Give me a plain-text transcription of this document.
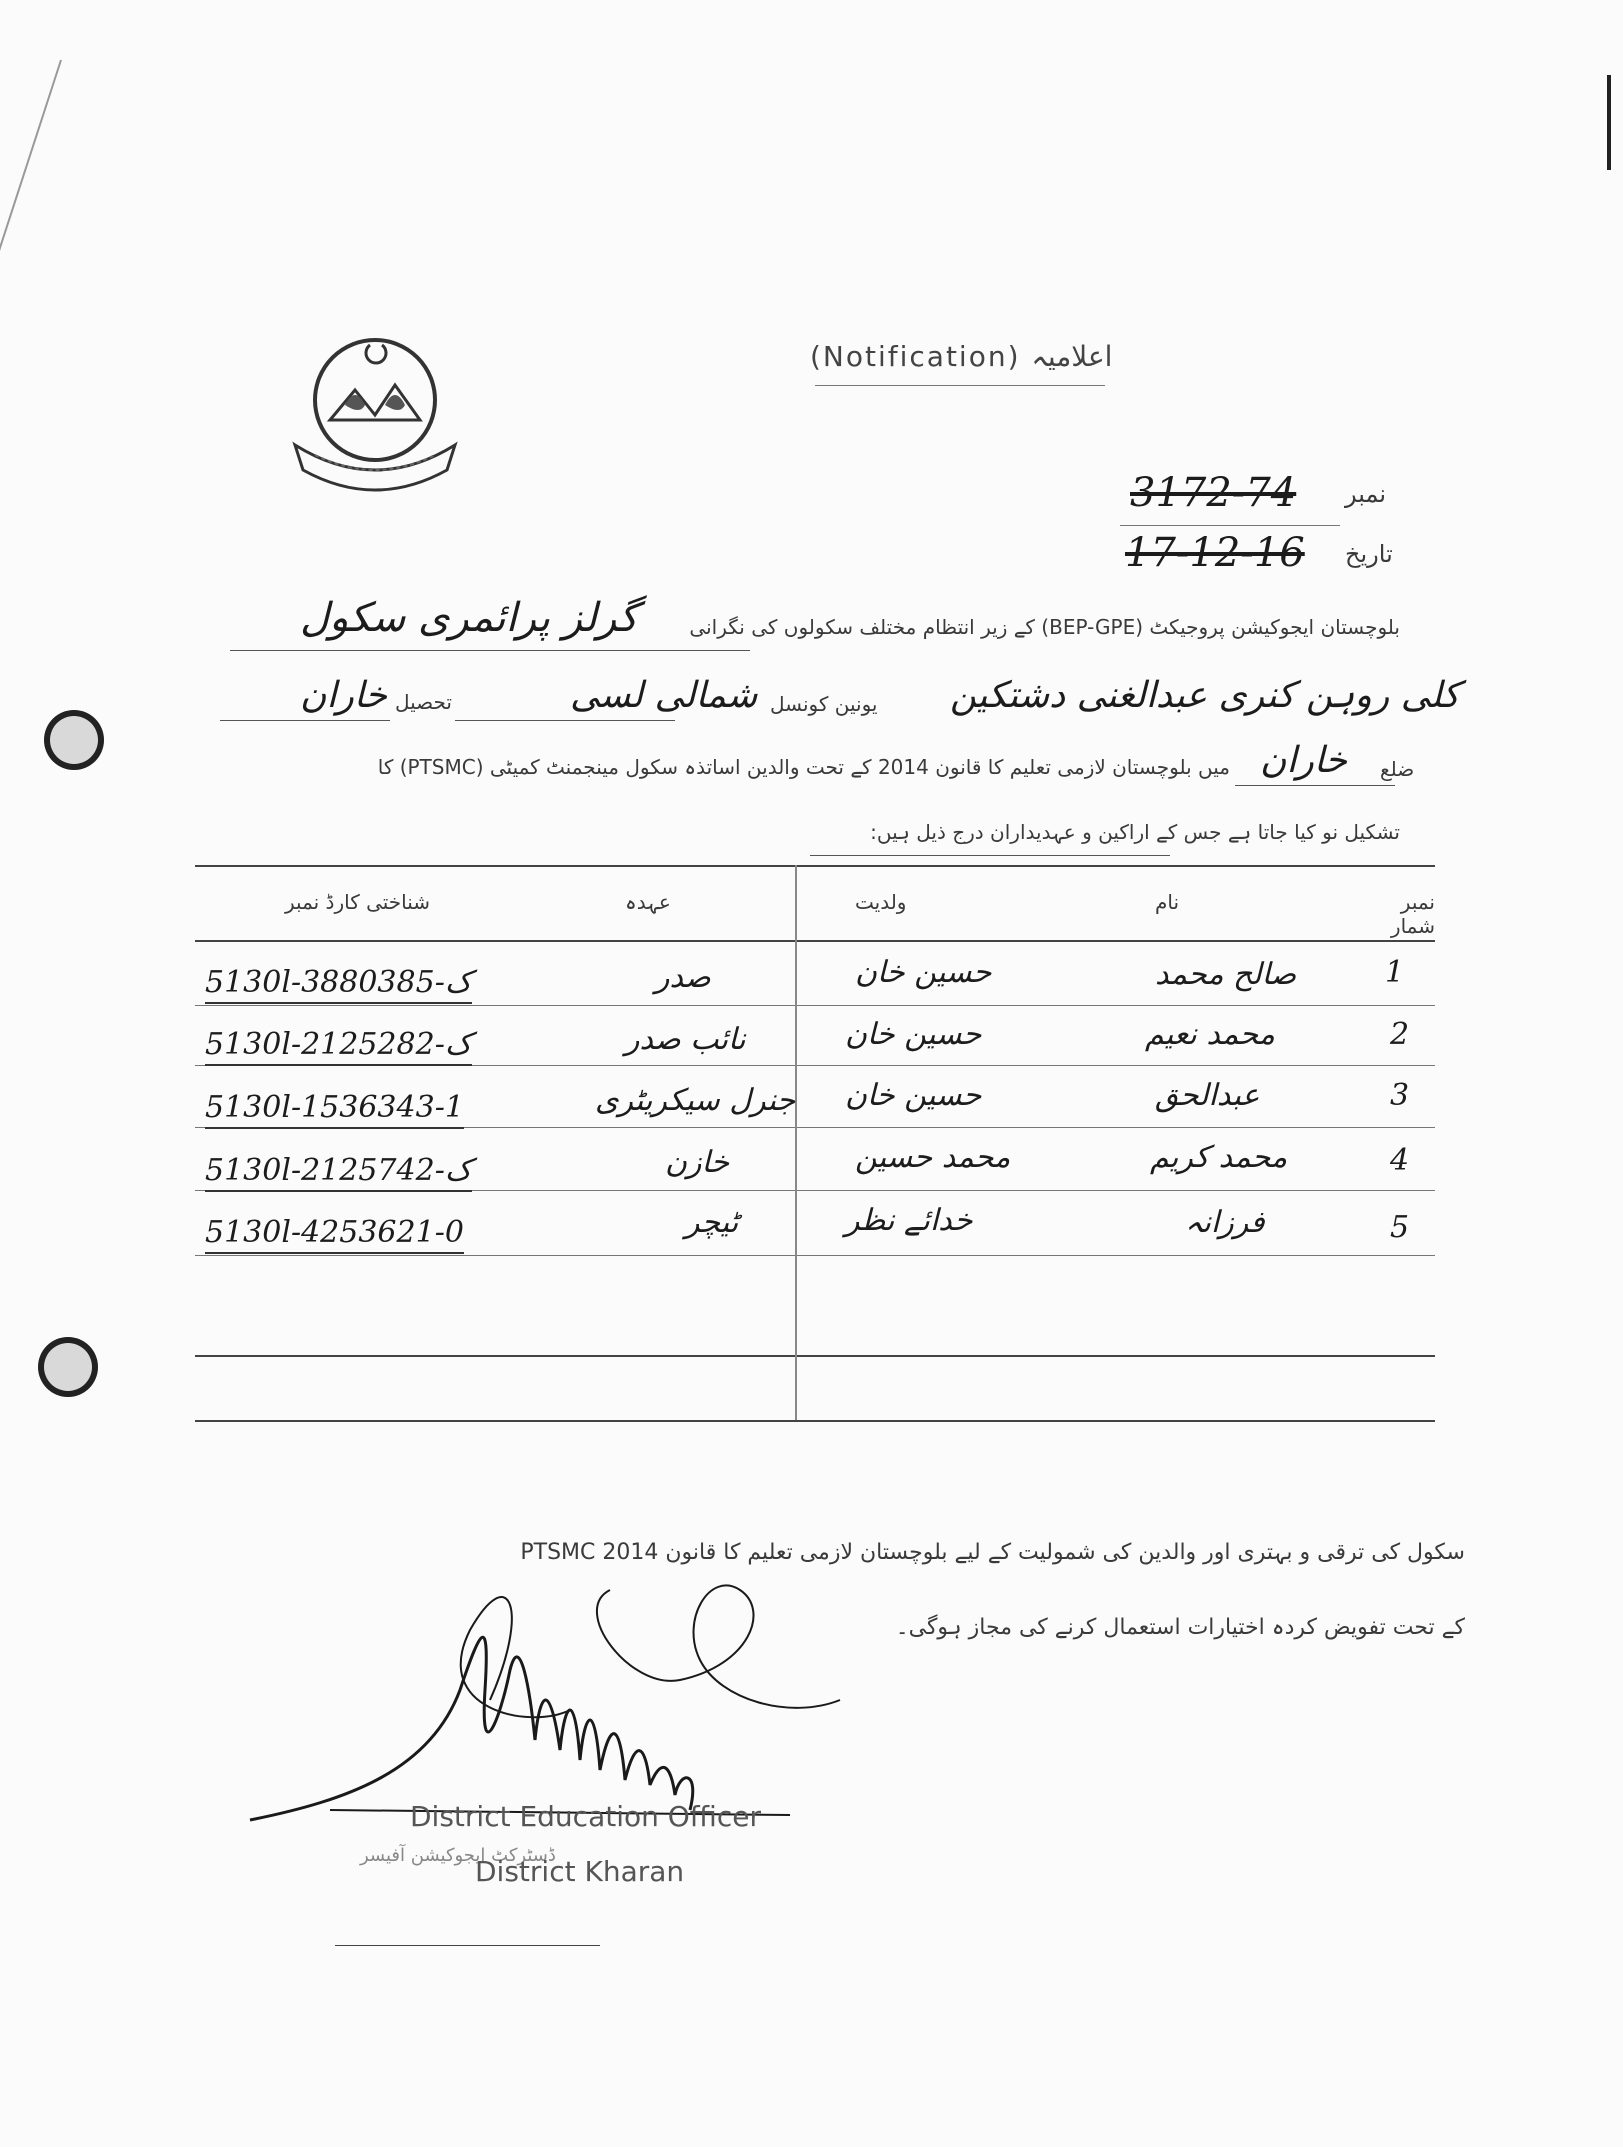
(Notification) اعلامیہ
نمبر
3172-74
تاریخ
17-12-16
گرلز پرائمری سکول	بلوچستان ایجوکیشن پروجیکٹ (BEP-GPE) کے زیر انتظام مختلف سکولوں کی نگرانی
تحصیل
خاران	شمالی لسی یونین کونسل کلی روہن کنری عبدالغنی دشتکین
میں بلوچستان لازمی تعلیم کا قانون 2014 کے تحت والدین اساتذہ سکول مینجمنٹ کمیٹی (PTSMC) کا خاران ضلع
تشکیل نو کیا جاتا ہے جس کے اراکین و عہدیداران درج ذیل ہیں:
شناختی کارڈ نمبر	عہدہ	ولدیت	نام	نمبر شمار
5130l-3880385-ک	صدر	حسین خان	صالح محمد	1
5130l-2125282-ک	نائب صدر	حسین خان	محمد نعیم	2
5130l-1536343-1	جنرل سیکریٹری حسین خان	عبدالحق	3
5130l-2125742-ک	خازن	محمد حسین	محمد کریم	4
5130l-4253621-0	ٹیچر	خدائے نظر	فرزانہ	5
PTSMC سکول کی ترقی و بہتری اور والدین کی شمولیت کے لیے بلوچستان لازمی تعلیم کا قانون 2014
کے تحت تفویض کردہ اختیارات استعمال کرنے کی مجاز ہوگی۔
District Education Officer
ڈسٹرکٹ ایجوکیشن آفیسر
District Kharan
